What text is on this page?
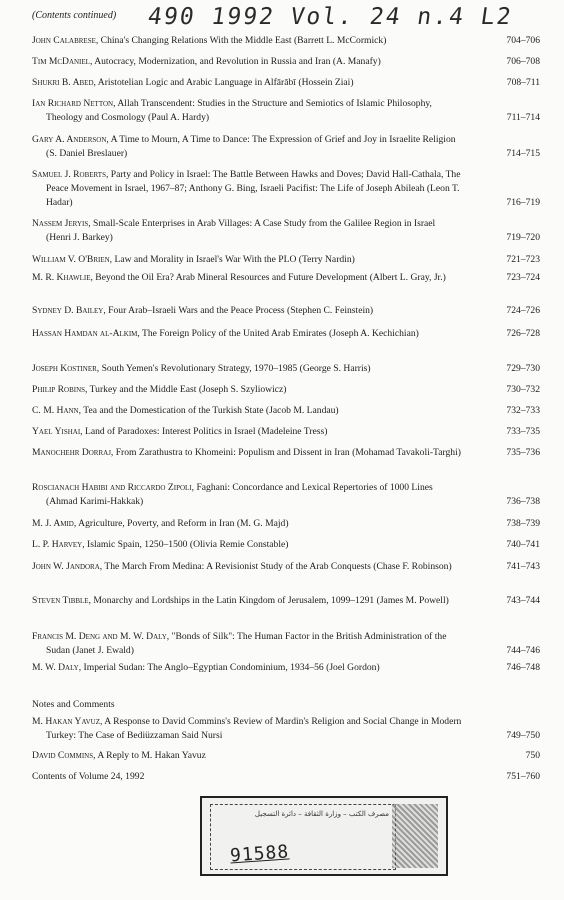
(Contents continued) 490 1992 Vol. 24 n.4 L2
John Calabrese, China's Changing Relations With the Middle East (Barrett L. McCormick)	704–706
Tim McDaniel, Autocracy, Modernization, and Revolution in Russia and Iran (A. Manafy)	706–708
Shukri B. Abed, Aristotelian Logic and Arabic Language in Alfārābī (Hossein Ziai)	708–711
Ian Richard Netton, Allah Transcendent: Studies in the Structure and Semiotics of Islamic Philosophy, Theology and Cosmology (Paul A. Hardy)	711–714
Gary A. Anderson, A Time to Mourn, A Time to Dance: The Expression of Grief and Joy in Israelite Religion (S. Daniel Breslauer)	714–715
Samuel J. Roberts, Party and Policy in Israel: The Battle Between Hawks and Doves; David Hall-Cathala, The Peace Movement in Israel, 1967–87; Anthony G. Bing, Israeli Pacifist: The Life of Joseph Abileah (Leon T. Hadar)	716–719
Nassem Jeryis, Small-Scale Enterprises in Arab Villages: A Case Study from the Galilee Region in Israel (Henri J. Barkey)	719–720
William V. O'Brien, Law and Morality in Israel's War With the PLO (Terry Nardin)	721–723
M. R. Khawlie, Beyond the Oil Era? Arab Mineral Resources and Future Development (Albert L. Gray, Jr.)	723–724
Sydney D. Bailey, Four Arab–Israeli Wars and the Peace Process (Stephen C. Feinstein)	724–726
Hassan Hamdan al-Alkim, The Foreign Policy of the United Arab Emirates (Joseph A. Kechichian)	726–728
Joseph Kostiner, South Yemen's Revolutionary Strategy, 1970–1985 (George S. Harris)	729–730
Philip Robins, Turkey and the Middle East (Joseph S. Szyliowicz)	730–732
C. M. Hann, Tea and the Domestication of the Turkish State (Jacob M. Landau)	732–733
Yael Yishai, Land of Paradoxes: Interest Politics in Israel (Madeleine Tress)	733–735
Manochehr Dorraj, From Zarathustra to Khomeini: Populism and Dissent in Iran (Mohamad Tavakoli-Targhi)	735–736
Roscianach Habibi and Riccardo Zipoli, Faghani: Concordance and Lexical Repertories of 1000 Lines (Ahmad Karimi-Hakkak)	736–738
M. J. Amid, Agriculture, Poverty, and Reform in Iran (M. G. Majd)	738–739
L. P. Harvey, Islamic Spain, 1250–1500 (Olivia Remie Constable)	740–741
John W. Jandora, The March From Medina: A Revisionist Study of the Arab Conquests (Chase F. Robinson)	741–743
Steven Tibble, Monarchy and Lordships in the Latin Kingdom of Jerusalem, 1099–1291 (James M. Powell)	743–744
Francis M. Deng and M. W. Daly, "Bonds of Silk": The Human Factor in the British Administration of the Sudan (Janet J. Ewald)	744–746
M. W. Daly, Imperial Sudan: The Anglo–Egyptian Condominium, 1934–56 (Joel Gordon)	746–748
Notes and Comments
M. Hakan Yavuz, A Response to David Commins's Review of Mardin's Religion and Social Change in Modern Turkey: The Case of Bediüzzaman Said Nursi	749–750
David Commins, A Reply to M. Hakan Yavuz	750
Contents of Volume 24, 1992	751–760
مصرف الكتب – وزارة الثقافة – دائرة التسجيل
91588
